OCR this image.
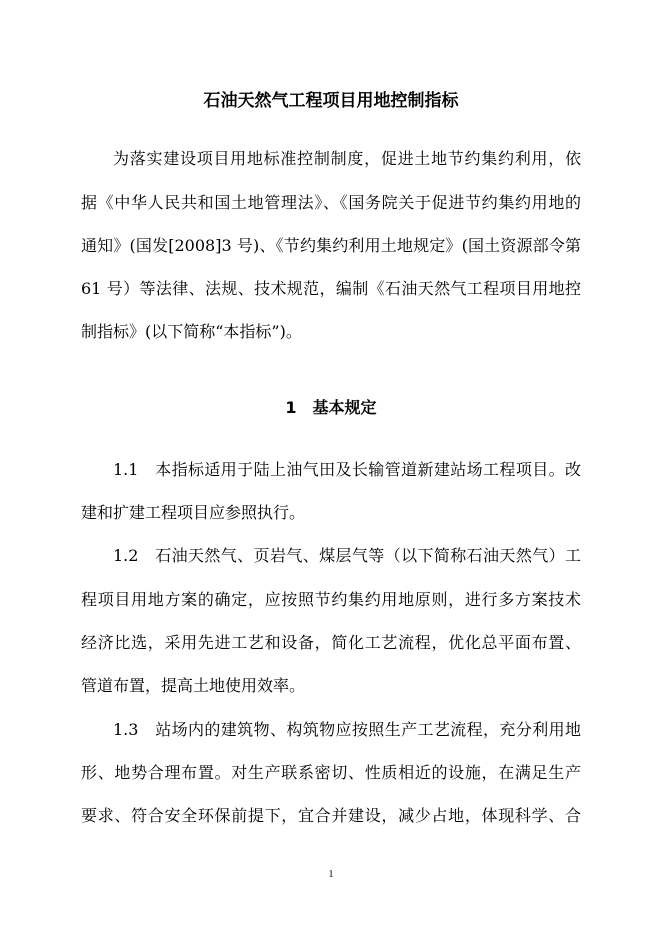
石油天然气工程项目用地控制指标
为落实建设项目用地标准控制制度，促进土地节约集约利用，依
据《中华人民共和国土地管理法》、《国务院关于促进节约集约用地的
通知》(国发[2008]3 号)、《节约集约利用土地规定》(国土资源部令第
61 号）等法律、法规、技术规范，编制《石油天然气工程项目用地控
制指标》(以下简称“本指标”)。
1　基本规定
1.1　本指标适用于陆上油气田及长输管道新建站场工程项目。改
建和扩建工程项目应参照执行。
1.2　石油天然气、页岩气、煤层气等（以下简称石油天然气）工
程项目用地方案的确定，应按照节约集约用地原则，进行多方案技术
经济比选，采用先进工艺和设备，简化工艺流程，优化总平面布置、
管道布置，提高土地使用效率。
1.3　站场内的建筑物、构筑物应按照生产工艺流程，充分利用地
形、地势合理布置。对生产联系密切、性质相近的设施，在满足生产
要求、符合安全环保前提下，宜合并建设，减少占地，体现科学、合
1
